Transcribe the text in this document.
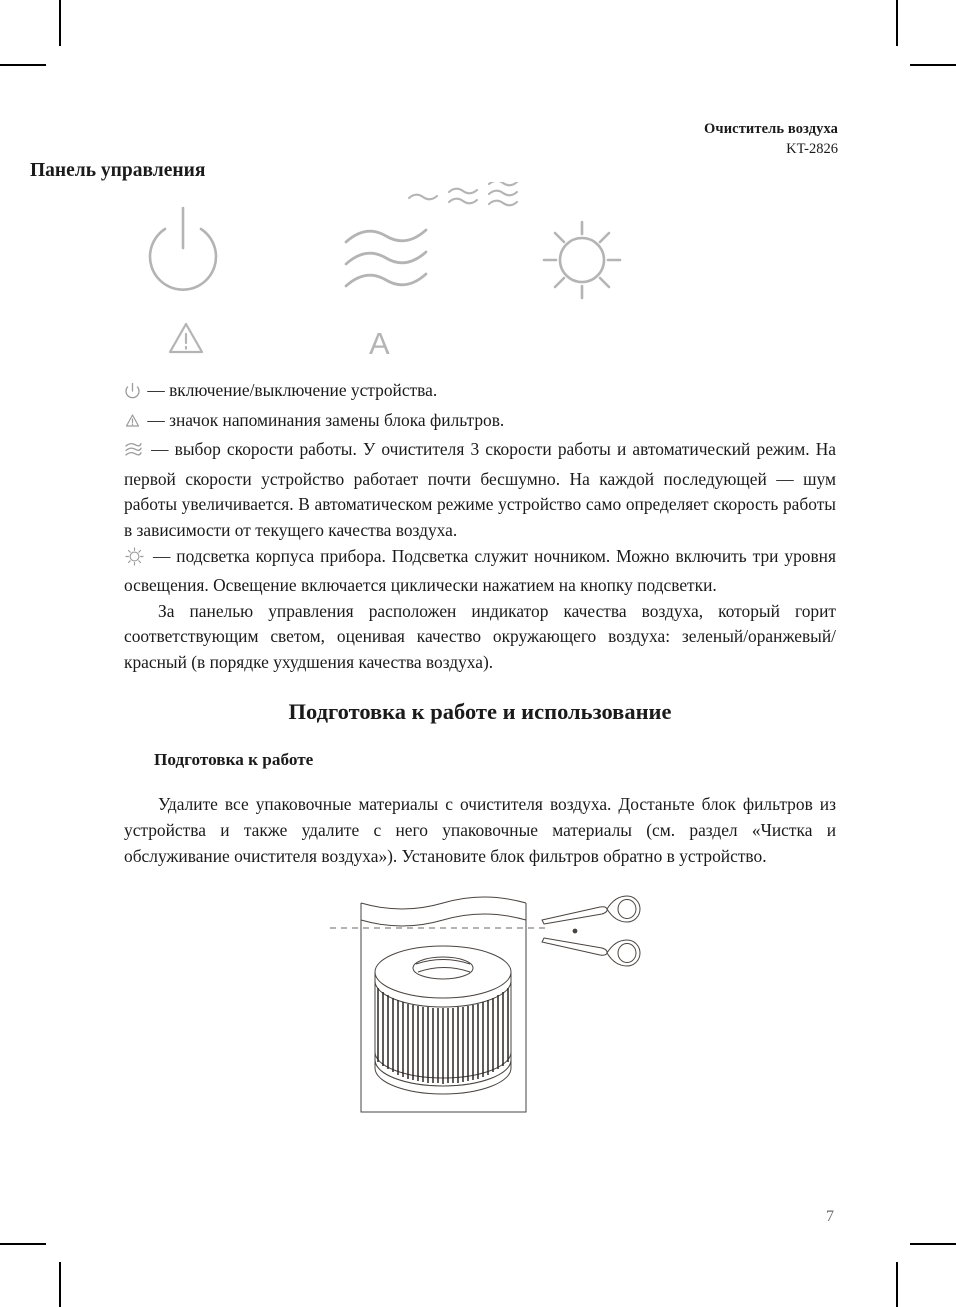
Очиститель воздуха
KT-2826
Панель управления
A
— включение/выключение устройства.
— значок напоминания замены блока фильтров.
— выбор скорости работы. У очистителя 3 скорости работы и автоматический режим. На первой скорости устройство работает почти бесшумно. На каждой последующей — шум работы увеличивается. В автоматическом режиме устройство само определяет скорость работы в зависимости от текущего качества воздуха.
— подсветка корпуса прибора. Подсветка служит ночником. Можно включить три уровня освещения. Освещение включается циклически нажатием на кнопку подсветки.

За панелью управления расположен индикатор качества воздуха, который горит соответствующим светом, оценивая качество окружающего воздуха: зеленый/оранжевый/красный (в порядке ухудшения качества воздуха).

Подготовка к работе и использование
Подготовка к работе

Удалите все упаковочные материалы с очистителя воздуха. Достаньте блок фильтров из устройства и также удалите с него упаковочные материалы (см. раздел «Чистка и обслуживание очистителя воздуха»). Установите блок фильтров обратно в устройство.

7
